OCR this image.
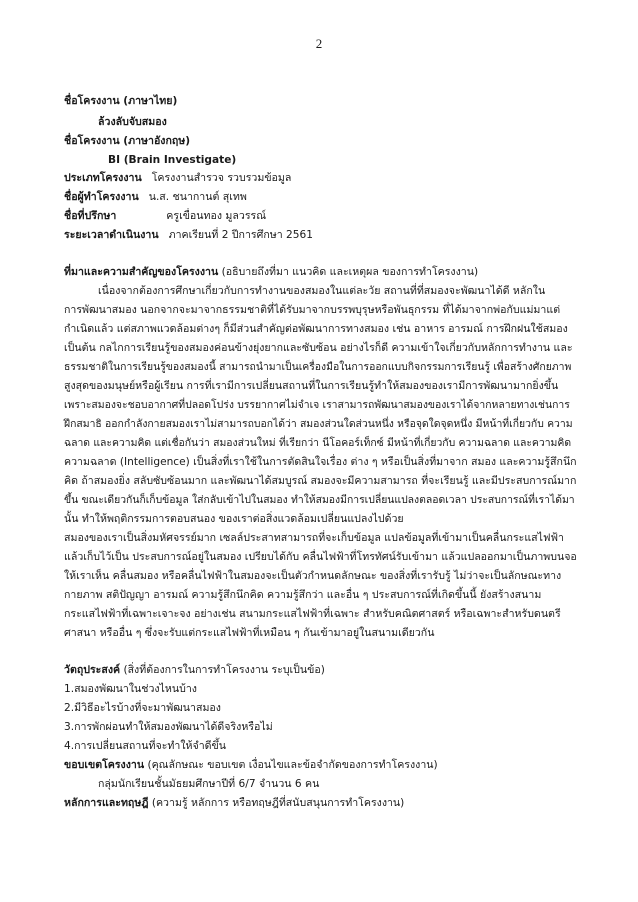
2
ชื่อโครงงาน (ภาษาไทย)
ล้วงลับจับสมอง
ชื่อโครงงาน (ภาษาอังกฤษ)
BI (Brain Investigate)
ประเภทโครงงาน โครงงานสำรวจ รวบรวมข้อมูล
ชื่อผู้ทำโครงงาน น.ส. ชนากานต์ สุเทพ
ชื่อที่ปรึกษา	ครูเขื่อนทอง มูลวรรณ์
ระยะเวลาดำเนินงาน ภาคเรียนที่ 2 ปีการศึกษา 2561
ที่มาและความสำคัญของโครงงาน (อธิบายถึงที่มา แนวคิด และเหตุผล ของการทำโครงงาน)
เนื่องจากต้องการศึกษาเกี่ยวกับการทำงานของสมองในแต่ละวัย สถานที่ที่สมองจะพัฒนาได้ดี หลักใน
การพัฒนาสมอง นอกจากจะมาจากธรรมชาติที่ได้รับมาจากบรรพบุรุษหรือพันธุกรรม ที่ได้มาจากพ่อกับแม่มาแต่
กำเนิดแล้ว แต่สภาพแวดล้อมต่างๆ ก็มีส่วนสำคัญต่อพัฒนาการทางสมอง เช่น อาหาร อารมณ์ การฝึกฝนใช้สมอง
เป็นต้น กลไกการเรียนรู้ของสมองค่อนข้างยุ่งยากและซับซ้อน อย่างไรก็ดี ความเข้าใจเกี่ยวกับหลักการทำงาน และ
ธรรมชาติในการเรียนรู้ของสมองนี้ สามารถนำมาเป็นเครื่องมือในการออกแบบกิจกรรมการเรียนรู้ เพื่อสร้างศักยภาพ
สูงสุดของมนุษย์หรือผู้เรียน การที่เรามีการเปลี่ยนสถานที่ในการเรียนรู้ทำให้สมองของเรามีการพัฒนามากยิ่งขึ้น
เพราะสมองจะชอบอากาศที่ปลอดโปร่ง บรรยากาศไม่จำเจ เราสามารถพัฒนาสมองของเราได้จากหลายทางเช่นการ
ฝึกสมาธิ ออกกำลังกายสมองเราไม่สามารถบอกได้ว่า สมองส่วนใดส่วนหนึ่ง หรือจุดใดจุดหนึ่ง มีหน้าที่เกี่ยวกับ ความ
ฉลาด และความคิด แต่เชื่อกันว่า สมองส่วนใหม่ ที่เรียกว่า นีโอคอร์เท็กซ์ มีหน้าที่เกี่ยวกับ ความฉลาด และความคิด
ความฉลาด (Intelligence) เป็นสิ่งที่เราใช้ในการตัดสินใจเรื่อง ต่าง ๆ หรือเป็นสิ่งที่มาจาก สมอง และความรู้สึกนึก
คิด ถ้าสมองยิ่ง สลับซับซ้อนมาก และพัฒนาได้สมบูรณ์ สมองจะมีความสามารถ ที่จะเรียนรู้ และมีประสบการณ์มาก
ขึ้น ขณะเดียวกันก็เก็บข้อมูล ใส่กลับเข้าไปในสมอง ทำให้สมองมีการเปลี่ยนแปลงตลอดเวลา ประสบการณ์ที่เราได้มา
นั้น ทำให้พฤติกรรมการตอบสนอง ของเราต่อสิ่งแวดล้อมเปลี่ยนแปลงไปด้วย
สมองของเราเป็นสิ่งมหัศจรรย์มาก เซลล์ประสาทสามารถที่จะเก็บข้อมูล แปลข้อมูลที่เข้ามาเป็นคลื่นกระแสไฟฟ้า
แล้วเก็บไว้เป็น ประสบการณ์อยู่ในสมอง เปรียบได้กับ คลื่นไฟฟ้าที่โทรทัศน์รับเข้ามา แล้วแปลออกมาเป็นภาพบนจอ
ให้เราเห็น คลื่นสมอง หรือคลื่นไฟฟ้าในสมองจะเป็นตัวกำหนดลักษณะ ของสิ่งที่เรารับรู้ ไม่ว่าจะเป็นลักษณะทาง
กายภาพ สติปัญญา อารมณ์ ความรู้สึกนึกคิด ความรู้สึกว่า และอื่น ๆ ประสบการณ์ที่เกิดขึ้นนี้ ยังสร้างสนาม
กระแสไฟฟ้าที่เฉพาะเจาะจง อย่างเช่น สนามกระแสไฟฟ้าที่เฉพาะ สำหรับคณิตศาสตร์ หรือเฉพาะสำหรับดนตรี
ศาสนา หรืออื่น ๆ ซึ่งจะรับแต่กระแสไฟฟ้าที่เหมือน ๆ กันเข้ามาอยู่ในสนามเดียวกัน
วัตถุประสงค์ (สิ่งที่ต้องการในการทำโครงงาน ระบุเป็นข้อ)
1.สมองพัฒนาในช่วงไหนบ้าง
2.มีวิธีอะไรบ้างที่จะมาพัฒนาสมอง
3.การพักผ่อนทำให้สมองพัฒนาได้ดีจริงหรือไม่
4.การเปลี่ยนสถานที่จะทำให้จำดีขึ้น
ขอบเขตโครงงาน (คุณลักษณะ ขอบเขต เงื่อนไขและข้อจำกัดของการทำโครงงาน)
กลุ่มนักเรียนชั้นมัธยมศึกษาปีที่ 6/7 จำนวน 6 คน
หลักการและทฤษฎี (ความรู้ หลักการ หรือทฤษฎีที่สนับสนุนการทำโครงงาน)
